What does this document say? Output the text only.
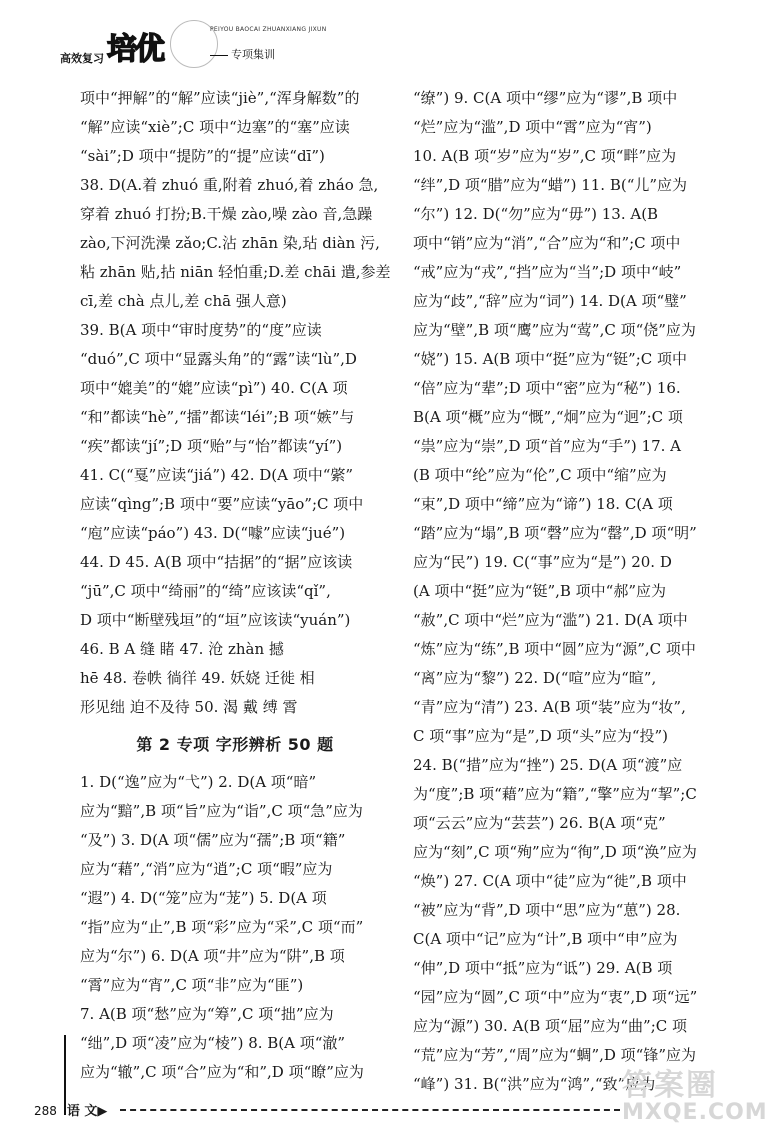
高效复习 培优
PEIYOU BAOCAI ZHUANXIANG JIXUN
专项集训
项中“押解”的“解”应读“jiè”,“浑身解数”的
“解”应读“xiè”;C 项中“边塞”的“塞”应读
“sài”;D 项中“提防”的“提”应读“dī”)
38. D(A.着 zhuó 重,附着 zhuó,着 zháo 急,
穿着 zhuó 打扮;B.干燥 zào,噪 zào 音,急躁
zào,下河洗澡 zǎo;C.沾 zhān 染,玷 diàn 污,
粘 zhān 贴,拈 niān 轻怕重;D.差 chāi 遣,参差
cī,差 chà 点儿,差 chā 强人意)
39. B(A 项中“审时度势”的“度”应读
“duó”,C 项中“显露头角”的“露”读“lù”,D
项中“媲美”的“媲”应读“pì”) 40. C(A 项
“和”都读“hè”,“擂”都读“léi”;B 项“嫉”与
“疾”都读“jí”;D 项“贻”与“怡”都读“yí”)
41. C(“戛”应读“jiá”) 42. D(A 项中“綮”
应读“qìng”;B 项中“要”应读“yāo”;C 项中
“庖”应读“páo”) 43. D(“噱”应读“jué”)
44. D 45. A(B 项中“拮据”的“据”应该读
“jū”,C 项中“绮丽”的“绮”应该读“qǐ”,
D 项中“断壁残垣”的“垣”应该读“yuán”)
46. B A 缝 睹 47. 沧 zhàn 撼
hē 48. 卷帙 徜徉 49. 妖娆 迁徙 相
形见绌 迫不及待 50. 渴 戴 缚 霄
第 2 专项 字形辨析 50 题
1. D(“逸”应为“弋”) 2. D(A 项“暗”
应为“黯”,B 项“旨”应为“诣”,C 项“急”应为
“及”) 3. D(A 项“儒”应为“孺”;B 项“籍”
应为“藉”,“消”应为“逍”;C 项“暇”应为
“遐”) 4. D(“笼”应为“茏”) 5. D(A 项
“指”应为“止”,B 项“彩”应为“采”,C 项“而”
应为“尔”) 6. D(A 项“井”应为“阱”,B 项
“霄”应为“宵”,C 项“非”应为“匪”)
7. A(B 项“愁”应为“筹”,C 项“拙”应为
“绌”,D 项“凌”应为“棱”) 8. B(A 项“澈”
应为“辙”,C 项“合”应为“和”,D 项“瞭”应为
“缭”) 9. C(A 项中“缪”应为“谬”,B 项中
“烂”应为“滥”,D 项中“霄”应为“宵”)
10. A(B 项“岁”应为“岁”,C 项“畔”应为
“绊”,D 项“腊”应为“蜡”) 11. B(“儿”应为
“尔”) 12. D(“勿”应为“毋”) 13. A(B
项中“销”应为“消”,“合”应为“和”;C 项中
“戒”应为“戎”,“挡”应为“当”;D 项中“岐”
应为“歧”,“辞”应为“词”) 14. D(A 项“璧”
应为“壁”,B 项“鹰”应为“莺”,C 项“侥”应为
“娆”) 15. A(B 项中“挺”应为“铤”;C 项中
“倍”应为“辈”;D 项中“密”应为“秘”) 16.
B(A 项“概”应为“慨”,“炯”应为“迥”;C 项
“祟”应为“崇”,D 项“首”应为“手”) 17. A
(B 项中“纶”应为“伦”,C 项中“缩”应为
“束”,D 项中“缔”应为“谛”) 18. C(A 项
“踏”应为“塌”,B 项“磬”应为“罄”,D 项“明”
应为“民”) 19. C(“事”应为“是”) 20. D
(A 项中“挺”应为“铤”,B 项中“郝”应为
“赦”,C 项中“烂”应为“滥”) 21. D(A 项中
“炼”应为“练”,B 项中“圆”应为“源”,C 项中
“离”应为“黎”) 22. D(“喧”应为“暄”,
“青”应为“清”) 23. A(B 项“装”应为“妆”,
C 项“事”应为“是”,D 项“头”应为“投”)
24. B(“措”应为“挫”) 25. D(A 项“渡”应
为“度”;B 项“藉”应为“籍”,“擎”应为“挈”;C
项“云云”应为“芸芸”) 26. B(A 项“克”
应为“刻”,C 项“殉”应为“徇”,D 项“涣”应为
“焕”) 27. C(A 项中“徒”应为“徙”,B 项中
“被”应为“背”,D 项中“思”应为“葸”) 28.
C(A 项中“记”应为“计”,B 项中“申”应为
“伸”,D 项中“抵”应为“诋”) 29. A(B 项
“园”应为“圆”,C 项“中”应为“衷”,D 项“远”
应为“源”) 30. A(B 项“屈”应为“曲”;C 项
“荒”应为“芳”,“周”应为“蜩”,D 项“锋”应为
“峰”) 31. B(“洪”应为“鸿”,“致”应为
288 语 文▶
答案圈
MXQE.COM
